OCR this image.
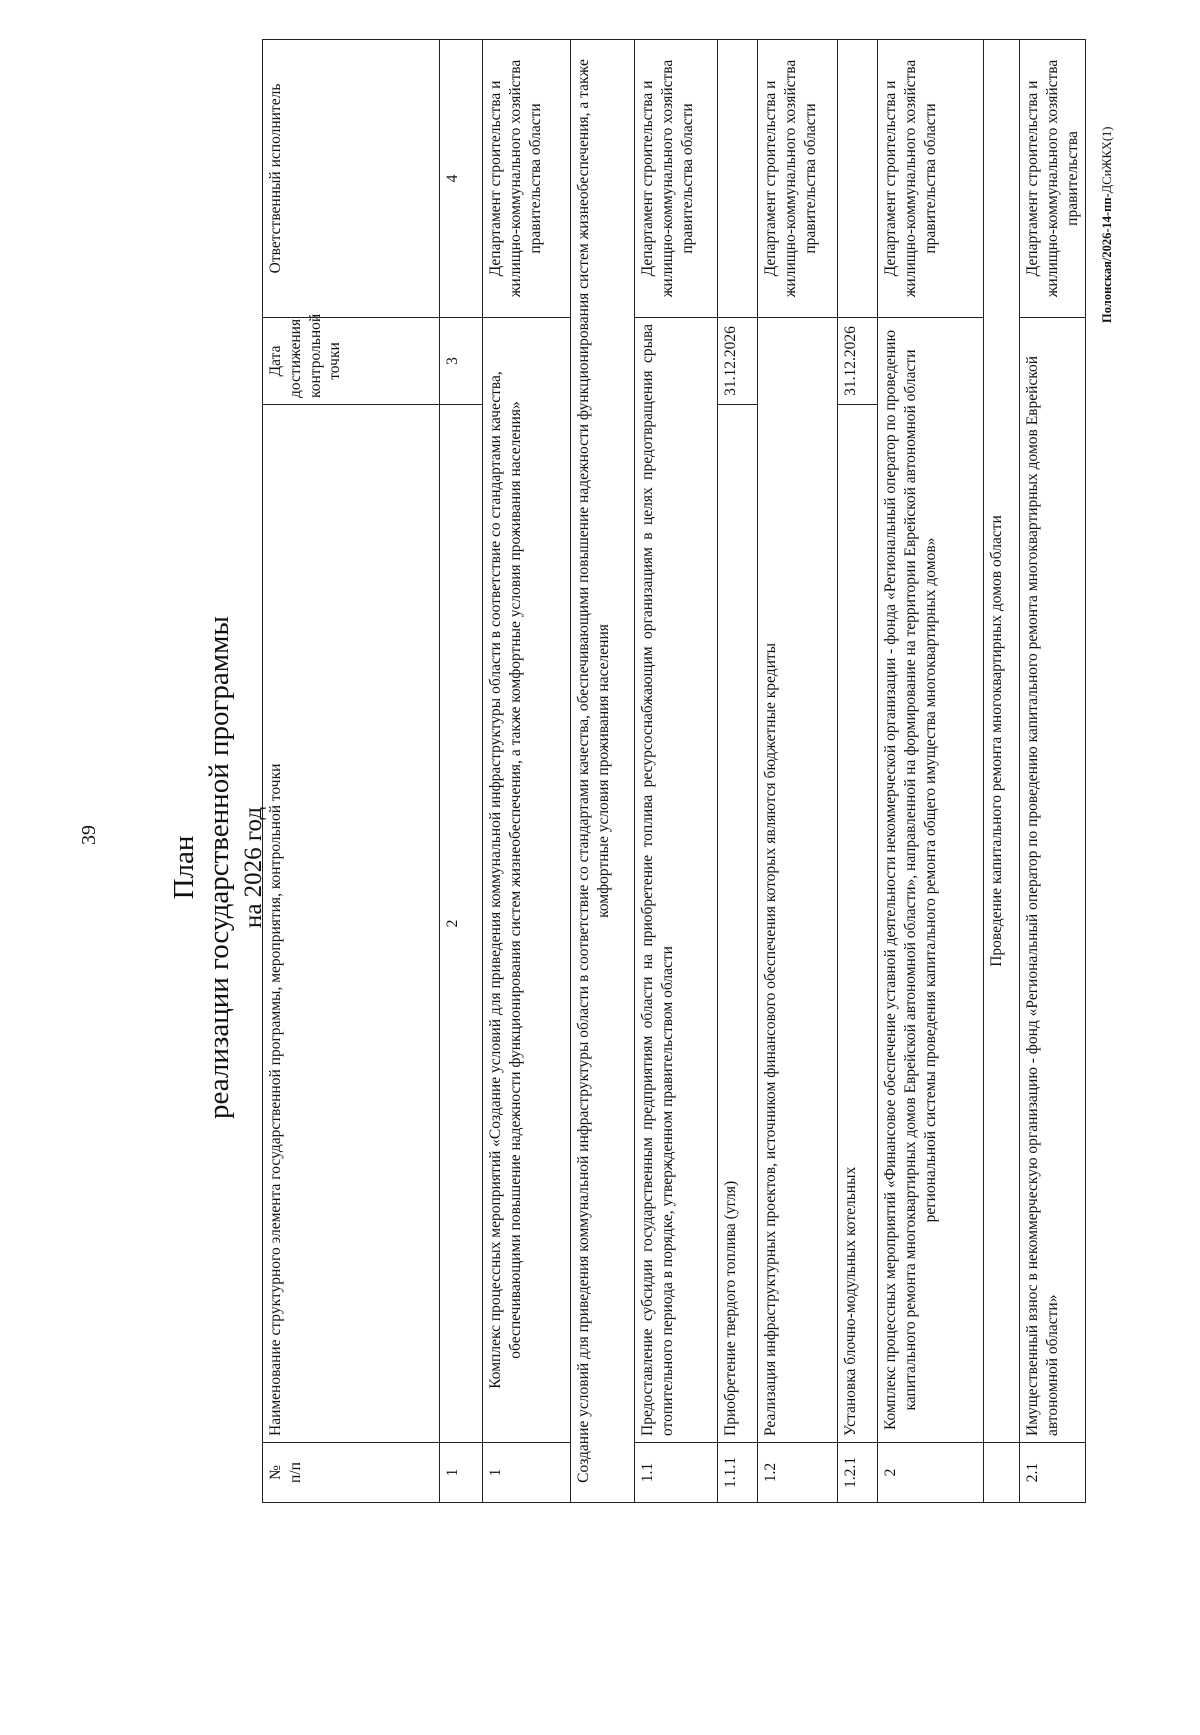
39
План реализации государственной программы на 2026 год
№
п/п	Наименование структурного элемента государственной программы, мероприятия, контрольной точки	Дата достижения контрольной точки	Ответственный исполнитель
1	2	3	4
1	Комплекс процессных мероприятий «Создание условий для приведения коммунальной инфраструктуры области в соответствие со стандартами качества, обеспечивающими повышение надежности функционирования систем жизнеобеспечения, а также комфортные условия проживания населения»		Департамент строительства и жилищно-коммунального хозяйства правительства области
Создание условий для приведения коммунальной инфраструктуры области в соответствие со стандартами качества, обеспечивающими повышение надежности функционирования систем жизнеобеспечения, а также комфортные условия проживания населения			
1.1	Предоставление субсидии государственным предприятиям области на приобретение топлива ресурсоснабжающим организациям в целях предотвращения срыва отопительного периода в порядке, утвержденном правительством области		Департамент строительства и жилищно-коммунального хозяйства правительства области
1.1.1	Приобретение твердого топлива (угля)	31.12.2026	
1.2	Реализация инфраструктурных проектов, источником финансового обеспечения которых являются бюджетные кредиты		Департамент строительства и жилищно-коммунального хозяйства правительства области
1.2.1	Установка блочно-модульных котельных	31.12.2026	
2	Комплекс процессных мероприятий «Финансовое обеспечение уставной деятельности некоммерческой организации - фонда «Региональный оператор по проведению капитального ремонта многоквартирных домов Еврейской автономной области», направленной на формирование на территории Еврейской автономной области региональной системы проведения капитального ремонта общего имущества многоквартирных домов»		Департамент строительства и жилищно-коммунального хозяйства правительства области
	Проведение капитального ремонта многоквартирных домов области		
2.1	Имущественный взнос в некоммерческую организацию - фонд «Региональный оператор по проведению капитального ремонта многоквартирных домов Еврейской автономной области»		Департамент строительства и жилищно-коммунального хозяйства правительства
Полонская/2026-14-пп-ДСиЖКХ(1)
